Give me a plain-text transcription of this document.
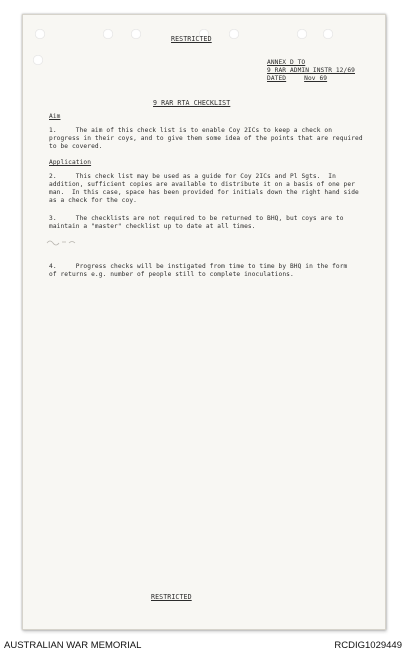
RESTRICTED
ANNEX D TO
9 RAR ADMIN INSTR 12/69
DATED	Nov 69
9 RAR RTA CHECKLIST
Aim
1.     The aim of this check list is to enable Coy 2ICs to keep a check on
progress in their coys, and to give them some idea of the points that are required
to be covered.
Application
2.     This check list may be used as a guide for Coy 2ICs and Pl Sgts.  In
addition, sufficient copies are available to distribute it on a basis of one per
man.  In this case, space has been provided for initials down the right hand side
as a check for the coy.
3.     The checklists are not required to be returned to BHQ, but coys are to
maintain a "master" checklist up to date at all times.
4.     Progress checks will be instigated from time to time by BHQ in the form
of returns e.g. number of people still to complete inoculations.
RESTRICTED
AUSTRALIAN WAR MEMORIAL	RCDIG1029449
